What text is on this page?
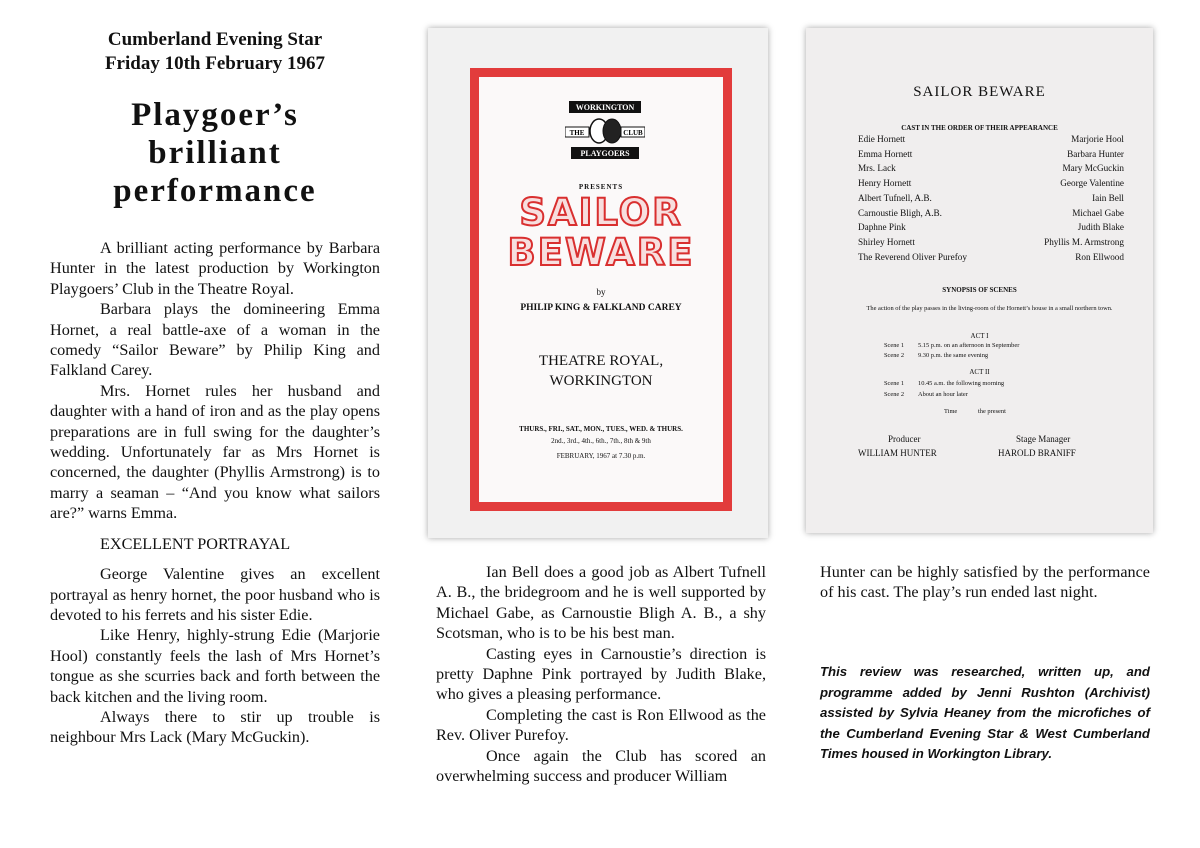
Cumberland Evening Star
Friday 10th February 1967
Playgoer’s
brilliant
performance

A brilliant acting performance by Barbara Hunter in the latest production by Workington Playgoers’ Club in the Theatre Royal.

Barbara plays the domineering Emma Hornet, a real battle-axe of a woman in the comedy “Sailor Beware” by Philip King and Falkland Carey.

Mrs. Hornet rules her husband and daughter with a hand of iron and as the play opens preparations are in full swing for the daughter’s wedding. Unfortunately far as Mrs Hornet is concerned, the daughter (Phyllis Armstrong) is to marry a seaman – “And you know what sailors are?” warns Emma.

EXCELLENT PORTRAYAL

George Valentine gives an excellent portrayal as henry hornet, the poor husband who is devoted to his ferrets and his sister Edie.

Like Henry, highly-strung Edie (Marjorie Hool) constantly feels the lash of Mrs Hornet’s tongue as she scurries back and forth between the back kitchen and the living room.

Always there to stir up trouble is neighbour Mrs Lack (Mary McGuckin).

WORKINGTON
THE	CLUB
PLAYGOERS
PRESENTS
SAILOR
BEWARE
by
PHILIP KING & FALKLAND CAREY
THEATRE ROYAL,
WORKINGTON
THURS., FRI., SAT., MON., TUES., WED. & THURS.
2nd., 3rd., 4th., 6th., 7th., 8th & 9th
FEBRUARY, 1967 at 7.30 p.m.
SAILOR BEWARE
CAST IN THE ORDER OF THEIR APPEARANCE
Edie Hornett	Marjorie Hool
Emma Hornett	Barbara Hunter
Mrs. Lack	Mary McGuckin
Henry Hornett	George Valentine
Albert Tufnell, A.B.	Iain Bell
Carnoustie Bligh, A.B.	Michael Gabe
Daphne Pink	Judith Blake
Shirley Hornett	Phyllis M. Armstrong
The Reverend Oliver Purefoy	Ron Ellwood
SYNOPSIS OF SCENES
The action of the play passes in the living-room of the Hornett’s house in a small northern town.
ACT I
Scene 1 5.15 p.m. on an afternoon in September
Scene 2 9.30 p.m. the same evening
ACT II
Scene 1 10.45 a.m. the following morning
Scene 2 About an hour later
Time	the present
Producer
WILLIAM HUNTER
Stage Manager
HAROLD BRANIFF

Ian Bell does a good job as Albert Tufnell A. B., the bridegroom and he is well supported by Michael Gabe, as Carnoustie Bligh A. B., a shy Scotsman, who is to be his best man.

Casting eyes in Carnoustie’s direction is pretty Daphne Pink portrayed by Judith Blake, who gives a pleasing performance.

Completing the cast is Ron Ellwood as the Rev. Oliver Purefoy.

Once again the Club has scored an overwhelming success and producer William

Hunter can be highly satisfied by the performance of his cast. The play’s run ended last night.

This review was researched, written up, and programme added by Jenni Rushton (Archivist) assisted by Sylvia Heaney from the microfiches of the Cumberland Evening Star & West Cumberland Times housed in Workington Library.
